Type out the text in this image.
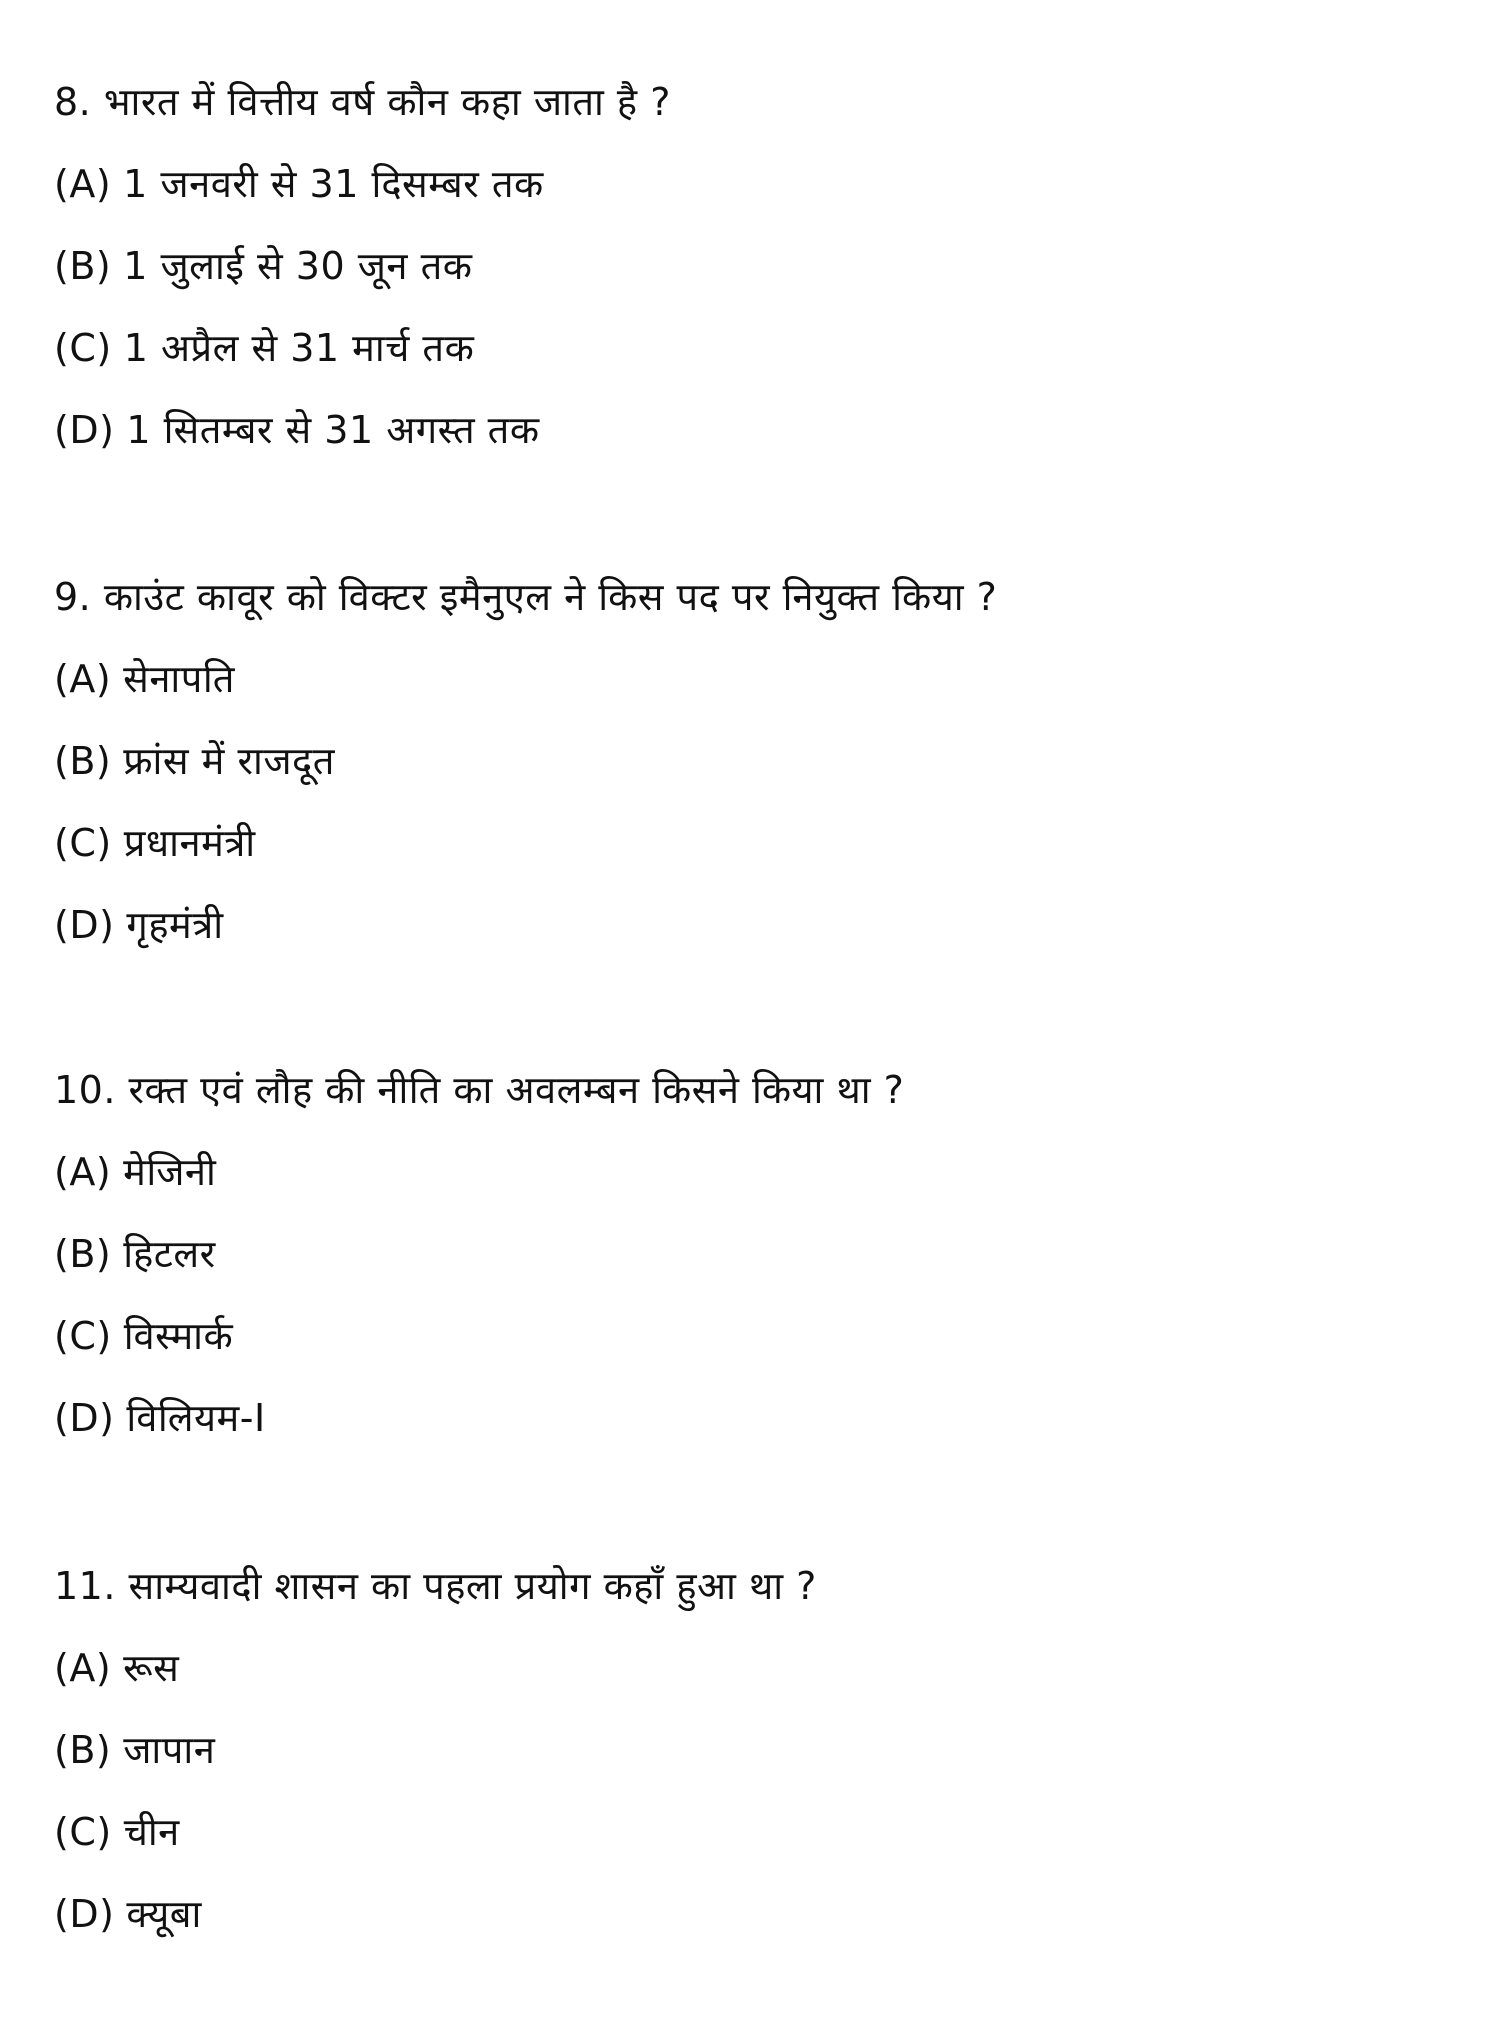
8. भारत में वित्तीय वर्ष कौन कहा जाता है ?
(A) 1 जनवरी से 31 दिसम्बर तक
(B) 1 जुलाई से 30 जून तक
(C) 1 अप्रैल से 31 मार्च तक
(D) 1 सितम्बर से 31 अगस्त तक
9. काउंट कावूर को विक्टर इमैनुएल ने किस पद पर नियुक्त किया ?
(A) सेनापति
(B) फ्रांस में राजदूत
(C) प्रधानमंत्री
(D) गृहमंत्री
10. रक्त एवं लौह की नीति का अवलम्बन किसने किया था ?
(A) मेजिनी
(B) हिटलर
(C) विस्मार्क
(D) विलियम-I
11. साम्यवादी शासन का पहला प्रयोग कहाँ हुआ था ?
(A) रूस
(B) जापान
(C) चीन
(D) क्यूबा
